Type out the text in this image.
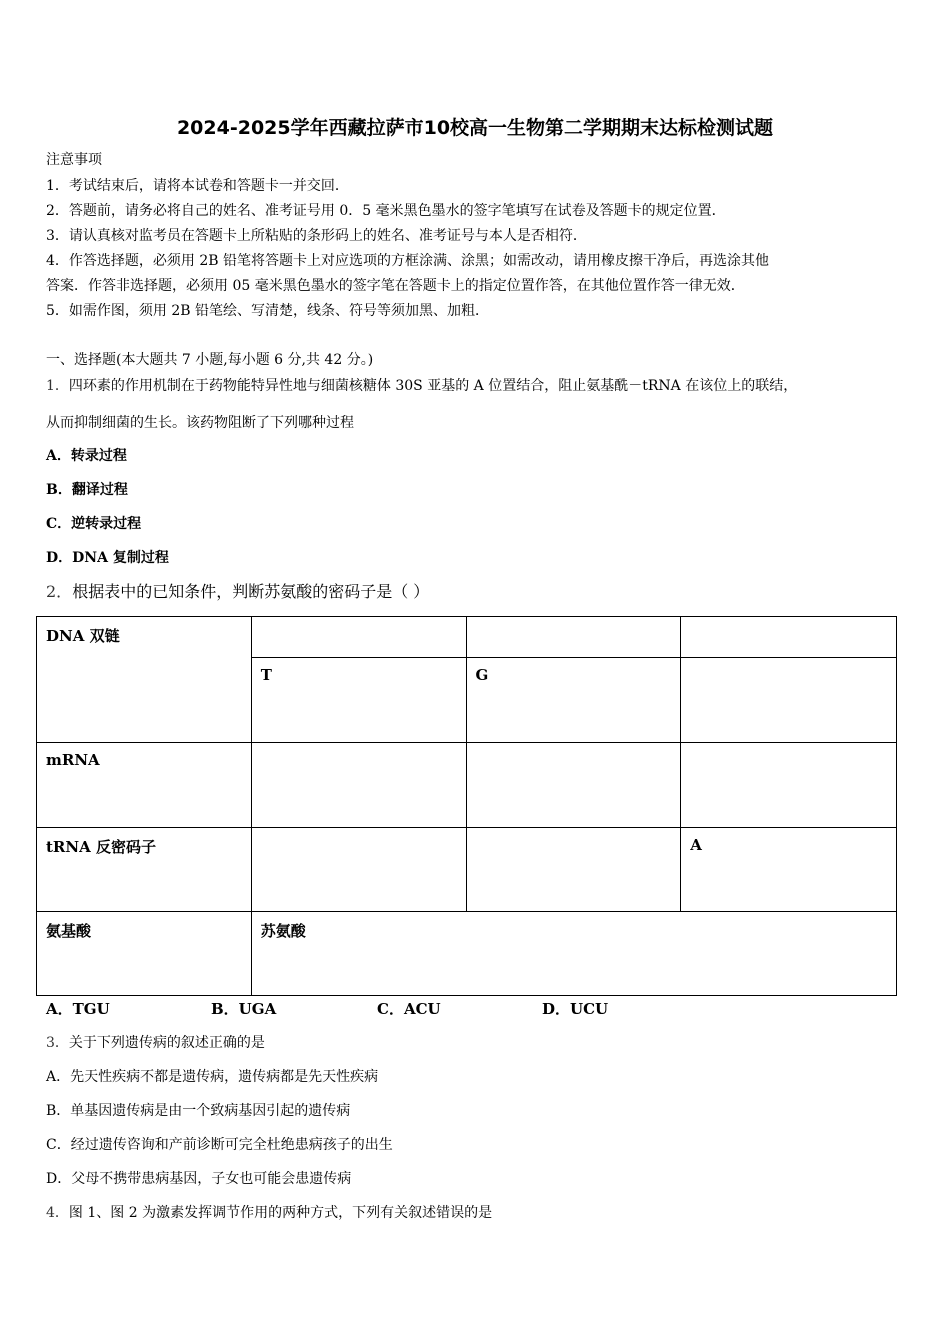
2024-2025学年西藏拉萨市10校高一生物第二学期期末达标检测试题
注意事项
1．考试结束后，请将本试卷和答题卡一并交回．
2．答题前，请务必将自己的姓名、准考证号用 0．5 毫米黑色墨水的签字笔填写在试卷及答题卡的规定位置．
3．请认真核对监考员在答题卡上所粘贴的条形码上的姓名、准考证号与本人是否相符．
4．作答选择题，必须用 2B 铅笔将答题卡上对应选项的方框涂满、涂黑；如需改动，请用橡皮擦干净后，再选涂其他
答案．作答非选择题，必须用 05 毫米黑色墨水的签字笔在答题卡上的指定位置作答，在其他位置作答一律无效．
5．如需作图，须用 2B 铅笔绘、写清楚，线条、符号等须加黑、加粗．
一、选择题(本大题共 7 小题,每小题 6 分,共 42 分。)
1．四环素的作用机制在于药物能特异性地与细菌核糖体 30S 亚基的 A 位置结合，阻止氨基酰－tRNA 在该位上的联结，
从而抑制细菌的生长。该药物阻断了下列哪种过程
A．转录过程
B．翻译过程
C．逆转录过程
D．DNA 复制过程
2．根据表中的已知条件，判断苏氨酸的密码子是（ ）
DNA 双链			
	T	G	
mRNA			
tRNA 反密码子			A
氨基酸	苏氨酸		
A．TGU	B．UGA	C．ACU	D．UCU
3．关于下列遗传病的叙述正确的是
A．先天性疾病不都是遗传病，遗传病都是先天性疾病
B．单基因遗传病是由一个致病基因引起的遗传病
C．经过遗传咨询和产前诊断可完全杜绝患病孩子的出生
D．父母不携带患病基因，子女也可能会患遗传病
4．图 1、图 2 为激素发挥调节作用的两种方式，下列有关叙述错误的是
